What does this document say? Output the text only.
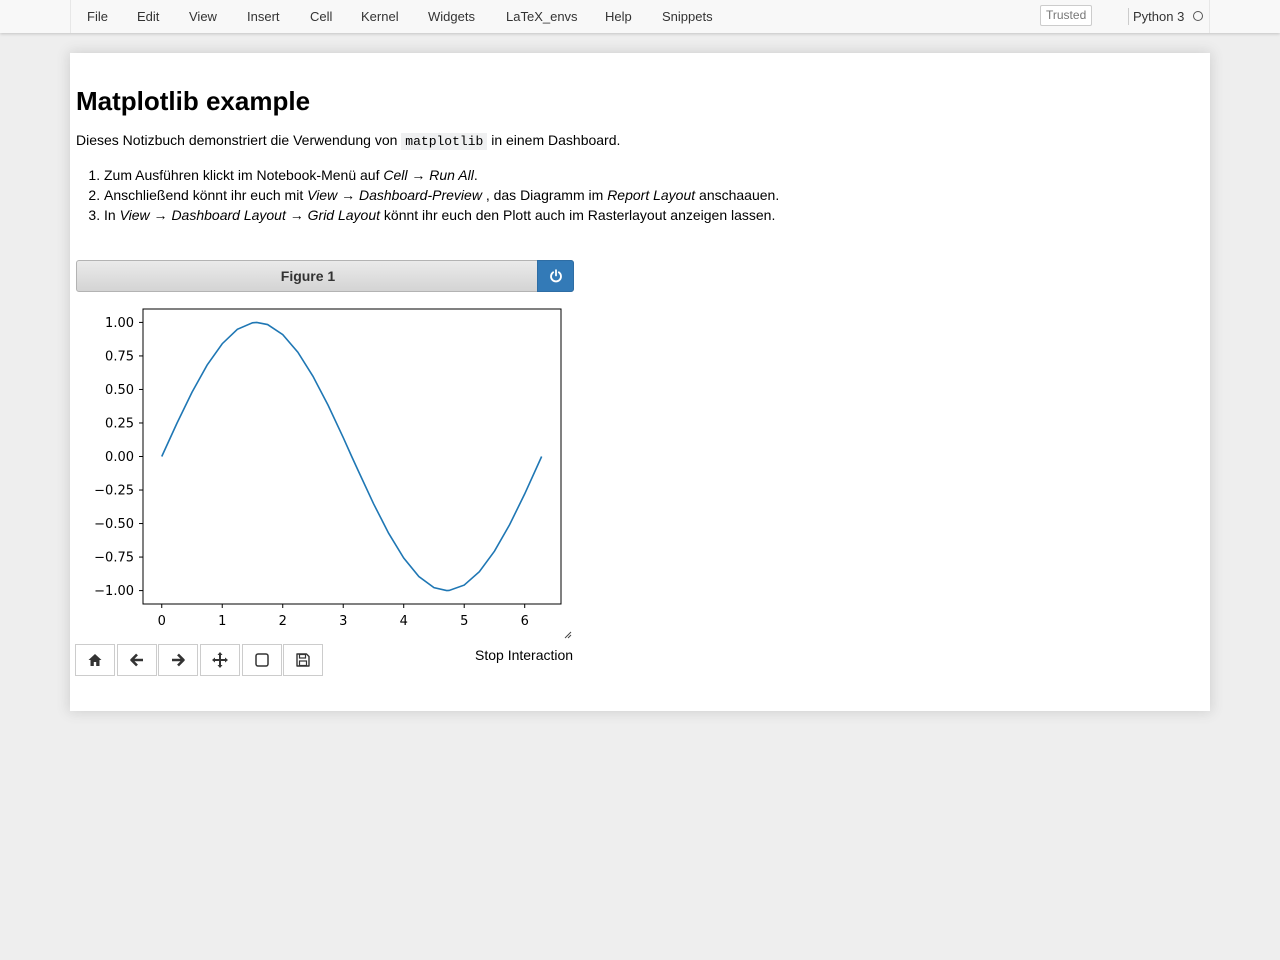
File Edit View Insert Cell Kernel Widgets LaTeX_envs Help Snippets	Trusted	Python 3
Matplotlib example

Dieses Notizbuch demonstriert die Verwendung von matplotlib in einem Dashboard.

1. Zum Ausführen klickt im Notebook-Menü auf Cell → Run All.
2. Anschließend könnt ihr euch mit View → Dashboard-Preview , das Diagramm im Report Layout anschaauen.
3. In View → Dashboard Layout → Grid Layout könnt ihr euch den Plott auch im Rasterlayout anzeigen lassen.
Figure 1
0	1	2	3	4	5	6
1.00
0.75
0.50
0.25
0.00
−0.25
−0.50
−0.75
−1.00
Stop Interaction
